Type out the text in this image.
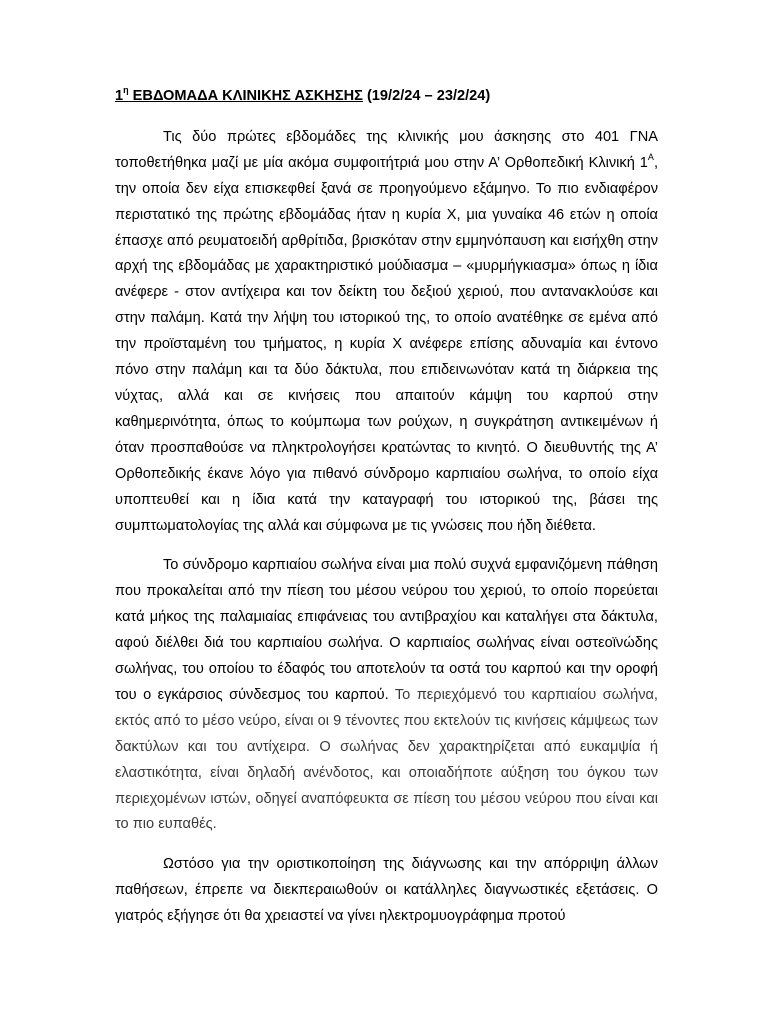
$1^\eta$ ΕΒΔΟΜΑΔΑ ΚΛΙΝΙΚΗΣ ΑΣΚΗΣΗΣ (19/2/24 – 23/2/24)

Τις δύο πρώτες εβδομάδες της κλινικής μου άσκησης στο 401 ΓΝΑ τοποθετήθηκα μαζί με μία ακόμα συμφοιτήτριά μου στην Α’ Ορθοπεδική Κλινική $1^A$, την οποία δεν είχα επισκεφθεί ξανά σε προηγούμενο εξάμηνο. Το πιο ενδιαφέρον περιστατικό της πρώτης εβδομάδας ήταν η κυρία Χ, μια γυναίκα 46 ετών η οποία έπασχε από ρευματοειδή αρθρίτιδα, βρισκόταν στην εμμηνόπαυση και εισήχθη στην αρχή της εβδομάδας με χαρακτηριστικό μούδιασμα – «μυρμήγκιασμα» όπως η ίδια ανέφερε - στον αντίχειρα και τον δείκτη του δεξιού χεριού, που αντανακλούσε και στην παλάμη. Κατά την λήψη του ιστορικού της, το οποίο ανατέθηκε σε εμένα από την προϊσταμένη του τμήματος, η κυρία Χ ανέφερε επίσης αδυναμία και έντονο πόνο στην παλάμη και τα δύο δάκτυλα, που επιδεινωνόταν κατά τη διάρκεια της νύχτας, αλλά και σε κινήσεις που απαιτούν κάμψη του καρπού στην καθημερινότητα, όπως το κούμπωμα των ρούχων, η συγκράτηση αντικειμένων ή όταν προσπαθούσε να πληκτρολογήσει κρατώντας το κινητό. Ο διευθυντής της Α’ Ορθοπεδικής έκανε λόγο για πιθανό σύνδρομο καρπιαίου σωλήνα, το οποίο είχα υποπτευθεί και η ίδια κατά την καταγραφή του ιστορικού της, βάσει της συμπτωματολογίας της αλλά και σύμφωνα με τις γνώσεις που ήδη διέθετα.

Το σύνδρομο καρπιαίου σωλήνα είναι μια πολύ συχνά εμφανιζόμενη πάθηση που προκαλείται από την πίεση του μέσου νεύρου του χεριού, το οποίο πορεύεται κατά μήκος της παλαμιαίας επιφάνειας του αντιβραχίου και καταλήγει στα δάκτυλα, αφού διέλθει διά του καρπιαίου σωλήνα. Ο καρπιαίος σωλήνας είναι οστεοϊνώδης σωλήνας, του οποίου το έδαφός του αποτελούν τα οστά του καρπού και την οροφή του ο εγκάρσιος σύνδεσμος του καρπού. Το περιεχόμενό του καρπιαίου σωλήνα, εκτός από το μέσο νεύρο, είναι οι 9 τένοντες που εκτελούν τις κινήσεις κάμψεως των δακτύλων και του αντίχειρα. Ο σωλήνας δεν χαρακτηρίζεται από ευκαμψία ή ελαστικότητα, είναι δηλαδή ανένδοτος, και οποιαδήποτε αύξηση του όγκου των περιεχομένων ιστών, οδηγεί αναπόφευκτα σε πίεση του μέσου νεύρου που είναι και το πιο ευπαθές.

Ωστόσο για την οριστικοποίηση της διάγνωσης και την απόρριψη άλλων παθήσεων, έπρεπε να διεκπεραιωθούν οι κατάλληλες διαγνωστικές εξετάσεις. Ο γιατρός εξήγησε ότι θα χρειαστεί να γίνει ηλεκτρομυογράφημα προτού
